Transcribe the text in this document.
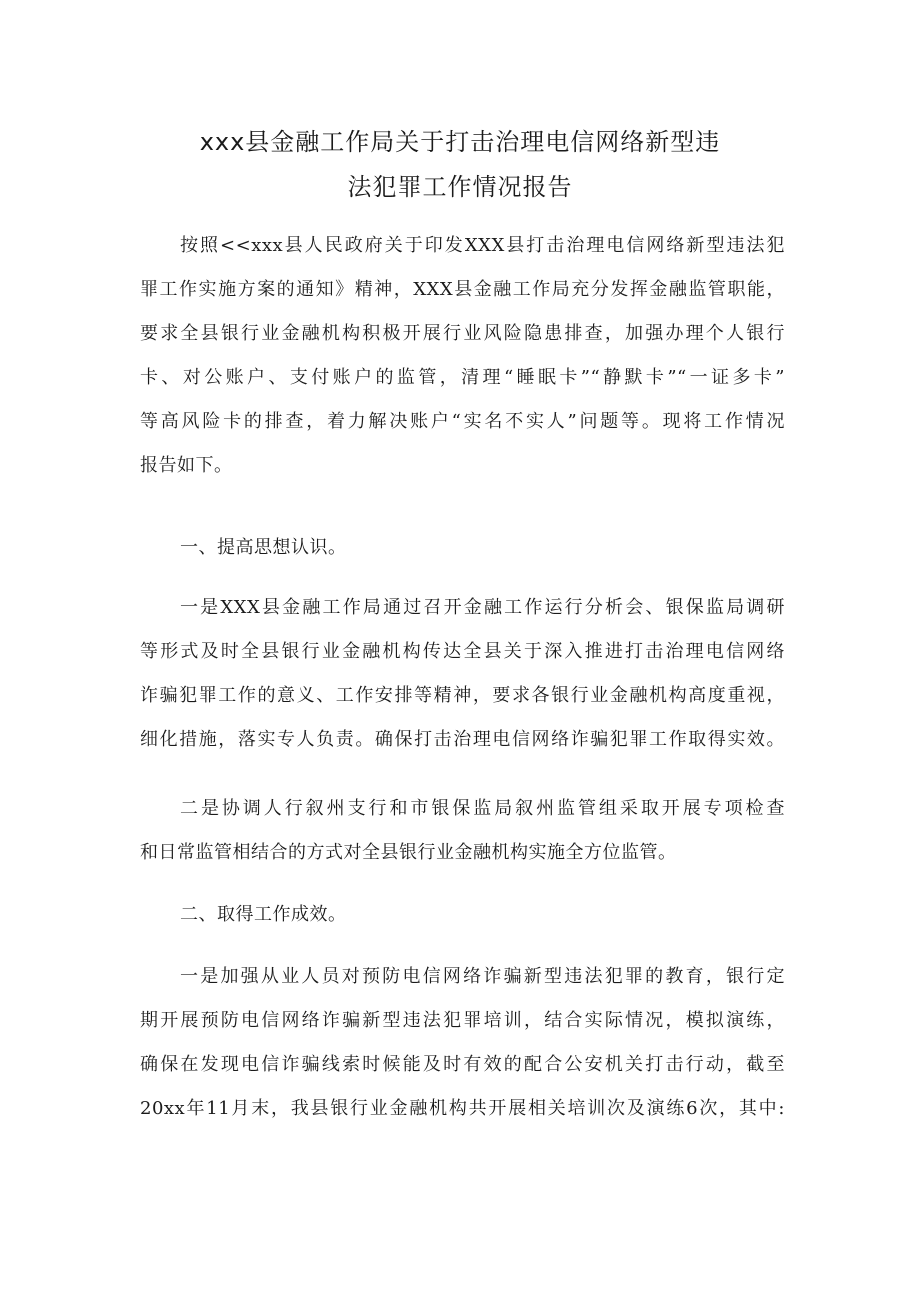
xxx县金融工作局关于打击治理电信网络新型违
法犯罪工作情况报告
按照<<xxx县人民政府关于印发XXX县打击治理电信网络新型违法犯
罪工作实施方案的通知》精神，XXX县金融工作局充分发挥金融监管职能，
要求全县银行业金融机构积极开展行业风险隐患排查，加强办理个人银行
卡、对公账户、支付账户的监管，清理“睡眠卡”“静默卡”“一证多卡”
等高风险卡的排查，着力解决账户“实名不实人”问题等。现将工作情况
报告如下。
一、提高思想认识。
一是XXX县金融工作局通过召开金融工作运行分析会、银保监局调研
等形式及时全县银行业金融机构传达全县关于深入推进打击治理电信网络
诈骗犯罪工作的意义、工作安排等精神，要求各银行业金融机构高度重视，
细化措施，落实专人负责。确保打击治理电信网络诈骗犯罪工作取得实效。
二是协调人行叙州支行和市银保监局叙州监管组采取开展专项检查
和日常监管相结合的方式对全县银行业金融机构实施全方位监管。
二、取得工作成效。
一是加强从业人员对预防电信网络诈骗新型违法犯罪的教育，银行定
期开展预防电信网络诈骗新型违法犯罪培训，结合实际情况，模拟演练，
确保在发现电信诈骗线索时候能及时有效的配合公安机关打击行动，截至
20xx年11月末，我县银行业金融机构共开展相关培训次及演练6次，其中:
